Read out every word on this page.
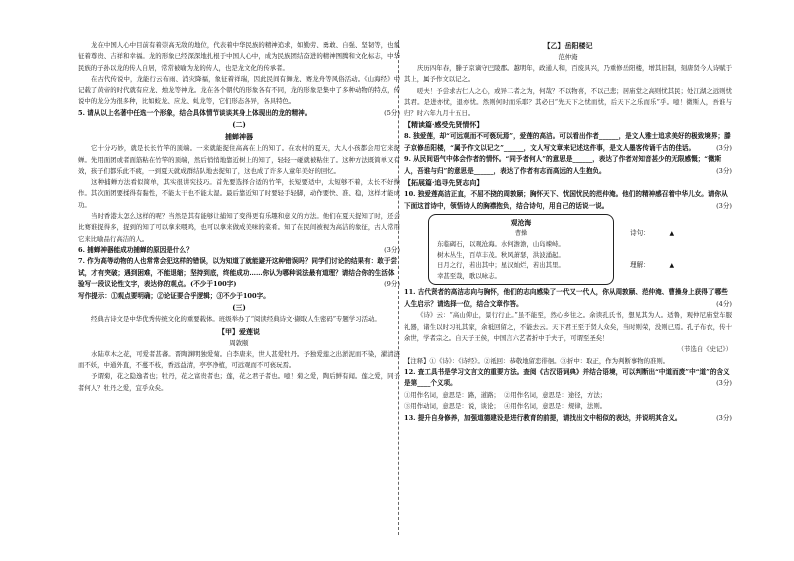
龙在中国人心中目前有着崇高无敌的地位，代表着中华民族的精神追求，如勤劳、勇敢、自强、坚韧等，也象征着尊贵、吉祥和幸福。龙的形象已经深深地扎根于中国人心中，成为民族团结奋进的精神图腾和文化标志，中华民族的子孙以龙的传人自居，常常被喻为龙的传人，也是龙文化的传承者。

在古代传说中，龙能行云布雨、消灾降福，象征着祥瑞，因此民间有舞龙、赛龙舟等风俗活动。《山海经》中记载了黄帝的时代就有应龙、烛龙等神龙。龙在各个朝代的形象各有不同，龙的形象是集中了多种动物的特点，传说中的龙分为很多种，比如蛟龙、应龙、虬龙等，它们形态各异，各具特色。

5. 请从以上名著中任选一个形象，结合具体情节谈谈其身上体现出的龙的精神。	(5分)

(二)

捕蝉神器

它十分巧妙，就是长长竹竿的顶端。一来就能捉住高高在上的知了。在农村的夏天，大人小孩都会用它来捉蝉。先用面团或者面筋粘在竹竿的顶端，然后悄悄地靠近树上的知了，轻轻一碰就被粘住了。这种方法既简单又有效，孩子们都乐此不疲，一到夏天就成群结队地去捉知了，这也成了许多人童年美好的回忆。

这种捕蝉方法看似简单，其实很讲究技巧。首先要选择合适的竹竿，长短要适中，太短够不着，太长不好操作。其次面团要揉得有黏性，不能太干也不能太湿。最后靠近知了时要轻手轻脚，动作要快、准、稳，这样才能成功。

当时香港太怎么这样的呢？当然是其有能够让捕知了变得更有乐趣和意义的方法。他们在夏天捉知了时，还会比赛谁捉得多，捉到的知了可以拿来喂鸡，也可以拿来做成美味的菜肴。知了在民间被视为高洁的象征，古人常用它来比喻品行高洁的人。

6. 捕蝉神器能成功捕蝉的原因是什么？	(3分)

7. 作为高等动物的人也常常会犯这样的错误，以为知道了就能避开这种错误吗？同学们讨论的结果有：敢于尝试，才有突破；遇到困难，不能退缩；坚持到底，终能成功……你认为哪种说法最有道理？请结合你的生活体验写一段议论性文字，表达你的观点。(不少于100字)	(9分)

写作提示：①观点要明确；②论证要合乎逻辑；③不少于100字。

(三)

经典古诗文是中华优秀传统文化的重要载体。班级举办了“阅读经典诗文·撷取人生密码”专题学习活动。

【甲】爱莲说

周敦颐

水陆草木之花，可爱者甚蕃。晋陶渊明独爱菊。自李唐来，世人甚爱牡丹。予独爱莲之出淤泥而不染，濯清涟而不妖，中通外直，不蔓不枝，香远益清，亭亭净植，可远观而不可亵玩焉。

予谓菊，花之隐逸者也；牡丹，花之富贵者也；莲，花之君子者也。噫！菊之爱，陶后鲜有闻。莲之爱，同予者何人？牡丹之爱，宜乎众矣。

【乙】岳阳楼记

范仲淹

庆历四年春，滕子京谪守巴陵郡。越明年，政通人和，百废具兴，乃重修岳阳楼，增其旧制，刻唐贤今人诗赋于其上，属予作文以记之。

嗟夫！予尝求古仁人之心，或异二者之为，何哉？不以物喜，不以己悲；居庙堂之高则忧其民；处江湖之远则忧其君。是进亦忧，退亦忧。然则何时而乐耶？其必曰“先天下之忧而忧，后天下之乐而乐”乎。噫！微斯人，吾谁与归？时六年九月十五日。

【精读篇·感受先贤情怀】

8. 独爱莲，却“可远观而不可亵玩焉”，爱莲的高洁。可以看出作者______，是文人雅士追求美好的极致境界；滕子京修岳阳楼，“属予作文以记之”______，文人写文章来记述这件事，是文人墨客传诵千古的佳话。	(3分)

9. 从民间语气中体会作者的情怀。“同予者何人”的意思是______，表达了作者对知音甚少的无限感慨；“微斯人，吾谁与归”的意思是______，表达了作者有志而高远的人生抱负。	(3分)

【拓展篇·追寻先贤志向】

10. 独爱莲高洁正直，不屈不挠的周敦颐；胸怀天下、忧国忧民的范仲淹。他们的精神感召着中华儿女。请你从下面这首诗中，领悟诗人的胸襟抱负，结合诗句，用自己的话说一说。	(3分)

观沧海

曹操

东临碣石，以观沧海。水何澹澹，山岛竦峙。

树木丛生，百草丰茂。秋风萧瑟，洪波涌起。

日月之行，若出其中；星汉灿烂，若出其里。

幸甚至哉，歌以咏志。

诗句：	▲

理解：	▲

11. 古代贤者的高洁志向与胸怀，他们的志向感染了一代又一代人，你从周敦颐、范仲淹、曹操身上获得了哪些人生启示？请选择一位，结合文章作答。	(4分)

《诗》云：“高山仰止，景行行止。”虽不能至，然心乡往之。余读孔氏书，想见其为人。适鲁，观仲尼庙堂车服礼器，诸生以时习礼其家，余祗回留之，不能去云。天下君王至于贤人众矣，当时则荣，没则已焉。孔子布衣，传十余世，学者宗之。自天子王侯，中国言六艺者折中于夫子，可谓至圣矣！

（节选自《史记》）

【注释】①《诗》：《诗经》。②祗回：恭敬地留恋徘徊。③折中：取正，作为判断事物的准则。

12. 查工具书是学习文言文的重要方法。查阅《古汉语词典》并结合语境，可以判断出“中道而废”中“道”的含义是第____个义项。	(3分)

①用作名词，意思是：路，道路； ②用作名词，意思是：途径，方法；

③用作动词，意思是：说，谈论； ④用作名词，意思是：规律，法则。

13. 提升自身修养，加强道德建设是进行教育的前提，请找出文中相似的表达，并说明其含义。	(3分)
